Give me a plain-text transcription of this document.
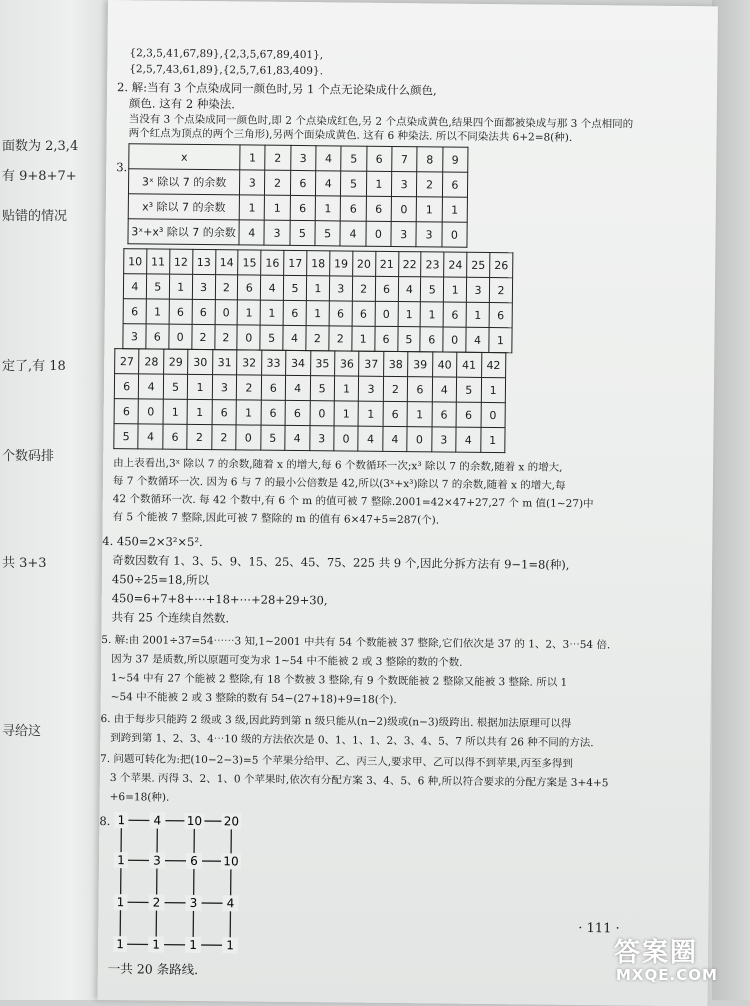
面数为 2,3,4
有 9+8+7+
贴错的情况
定了,有 18
个数码排
共 3+3
寻给这
{2,3,5,41,67,89},{2,3,5,67,89,401},
{2,5,7,43,61,89},{2,5,7,61,83,409}.
2. 解:当有 3 个点染成同一颜色时,另 1 个点无论染成什么颜色,
颜色. 这有 2 种染法.
当没有 3 个点染成同一颜色时,即 2 个点染成红色,另 2 个点染成黄色,结果四个面都被染成与那 3 个点相同的
两个红点为顶点的两个三角形),另两个面染成黄色. 这有 6 种染法. 所以不同染法共 6+2=8(种).
3.
x	1	2	3	4	5	6	7	8	9
3ˣ 除以 7 的余数	3	2	6	4	5	1	3	2	6
x³ 除以 7 的余数	1	1	6	1	6	6	0	1	1
3ˣ+x³ 除以 7 的余数	4	3	5	5	4	0	3	3	0
10	11	12	13	14	15	16	17	18	19	20	21	22	23	24	25	26
4	5	1	3	2	6	4	5	1	3	2	6	4	5	1	3	2
6	1	6	6	0	1	1	6	1	6	6	0	1	1	6	1	6
3	6	0	2	2	0	5	4	2	2	1	6	5	6	0	4	1
27	28	29	30	31	32	33	34	35	36	37	38	39	40	41	42
6	4	5	1	3	2	6	4	5	1	3	2	6	4	5	1
6	0	1	1	6	1	6	6	0	1	1	6	1	6	6	0
5	4	6	2	2	0	5	4	3	0	4	4	0	3	4	1
由上表看出,3ˣ 除以 7 的余数,随着 x 的增大,每 6 个数循环一次;x³ 除以 7 的余数,随着 x 的增大,
每 7 个数循环一次. 因为 6 与 7 的最小公倍数是 42,所以(3ˣ+x³)除以 7 的余数,随着 x 的增大,每
42 个数循环一次. 每 42 个数中,有 6 个 m 的值可被 7 整除.2001=42×47+27,27 个 m 值(1~27)中
有 5 个能被 7 整除,因此可被 7 整除的 m 的值有 6×47+5=287(个).
4. 450=2×3²×5².
奇数因数有 1、3、5、9、15、25、45、75、225 共 9 个,因此分拆方法有 9−1=8(种),
450÷25=18,所以
450=6+7+8+⋯+18+⋯+28+29+30,
共有 25 个连续自然数.
5. 解:由 2001÷37=54⋯⋯3 知,1~2001 中共有 54 个数能被 37 整除,它们依次是 37 的 1、2、3⋯54 倍.
因为 37 是质数,所以原题可变为求 1~54 中不能被 2 或 3 整除的数的个数.
1~54 中有 27 个能被 2 整除,有 18 个数被 3 整除,有 9 个数既能被 2 整除又能被 3 整除. 所以 1
~54 中不能被 2 或 3 整除的数有 54−(27+18)+9=18(个).
6. 由于每步只能跨 2 级或 3 级,因此跨到第 n 级只能从(n−2)级或(n−3)级跨出. 根据加法原理可以得
到跨到第 1、2、3、4⋯10 级的方法依次是 0、1、1、1、2、3、4、5、7 所以共有 26 种不同的方法.
7. 问题可转化为:把(10−2−3)=5 个苹果分给甲、乙、丙三人,要求甲、乙可以得不到苹果,丙至多得到
3 个苹果. 丙得 3、2、1、0 个苹果时,依次有分配方案 3、4、5、6 种,所以符合要求的分配方案是 3+4+5
+6=18(种).
8. 1 4 10 20
1 3 6 10
1 2 3 4
1 1 1 1
一共 20 条路线.
· 111 ·
答案圈
MXQE.COM
